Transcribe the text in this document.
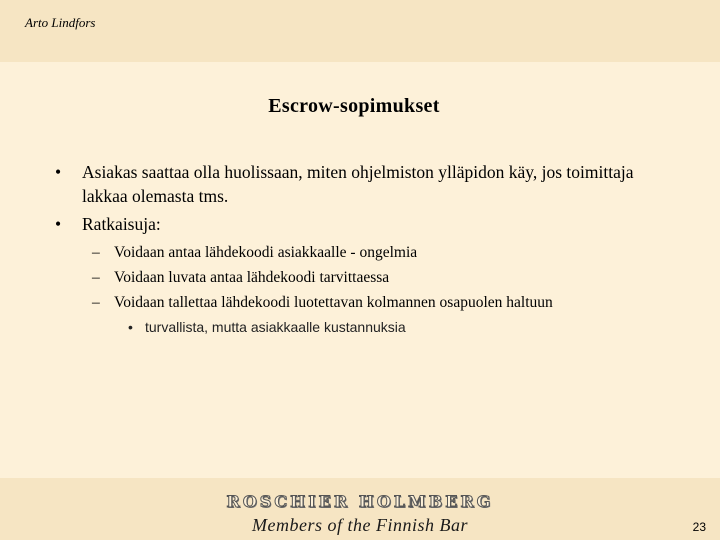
Arto Lindfors
Escrow-sopimukset
• Asiakas saattaa olla huolissaan, miten ohjelmiston ylläpidon käy, jos toimittaja lakkaa olemasta tms.
• Ratkaisuja:
– Voidaan antaa lähdekoodi asiakkaalle - ongelmia
– Voidaan luvata antaa lähdekoodi tarvittaessa
– Voidaan tallettaa lähdekoodi luotettavan kolmannen osapuolen haltuun
• turvallista, mutta asiakkaalle kustannuksia
ROSCHIER HOLMBERG
Members of the Finnish Bar	23
